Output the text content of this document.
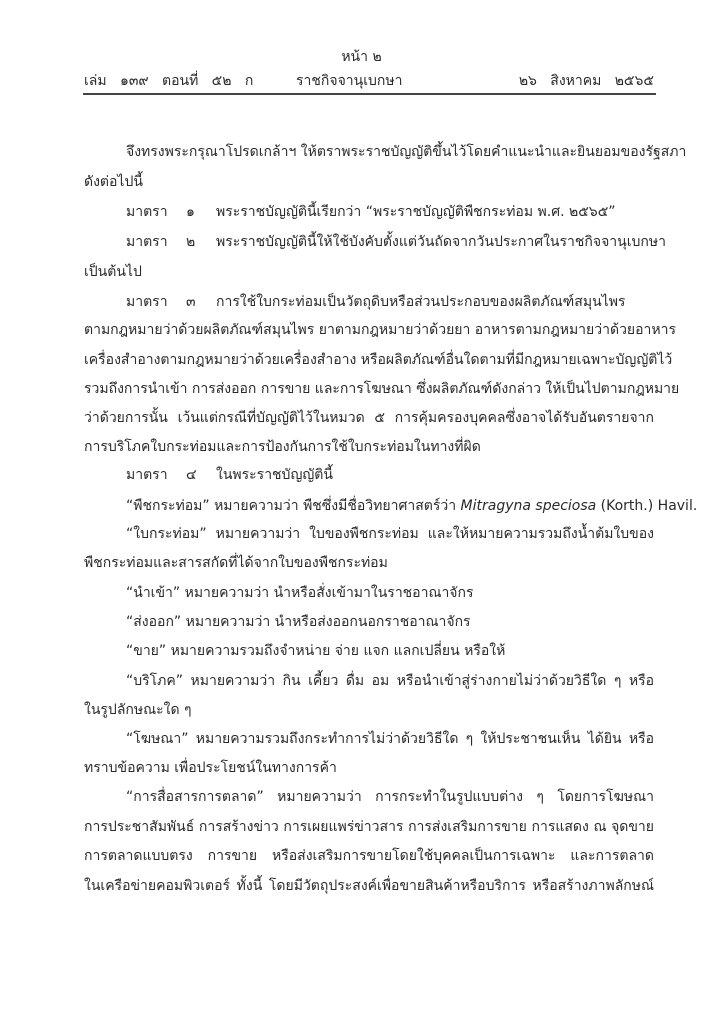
หน้า ๒
เล่ม   ๑๓๙   ตอนที่   ๕๒   ก	ราชกิจจานุเบกษา	๒๖   สิงหาคม   ๒๕๖๕
จึงทรงพระกรุณาโปรดเกล้าฯ ให้ตราพระราชบัญญัติขึ้นไว้โดยคำแนะนำและยินยอมของรัฐสภา
ดังต่อไปนี้
มาตรา ๑ พระราชบัญญัตินี้เรียกว่า “พระราชบัญญัติพืชกระท่อม พ.ศ. ๒๕๖๕”
มาตรา ๒ พระราชบัญญัตินี้ให้ใช้บังคับตั้งแต่วันถัดจากวันประกาศในราชกิจจานุเบกษา
เป็นต้นไป
มาตรา ๓ การใช้ใบกระท่อมเป็นวัตถุดิบหรือส่วนประกอบของผลิตภัณฑ์สมุนไพร
ตามกฎหมายว่าด้วยผลิตภัณฑ์สมุนไพร ยาตามกฎหมายว่าด้วยยา อาหารตามกฎหมายว่าด้วยอาหาร
เครื่องสำอางตามกฎหมายว่าด้วยเครื่องสำอาง หรือผลิตภัณฑ์อื่นใดตามที่มีกฎหมายเฉพาะบัญญัติไว้
รวมถึงการนำเข้า การส่งออก การขาย และการโฆษณา ซึ่งผลิตภัณฑ์ดังกล่าว ให้เป็นไปตามกฎหมาย
ว่าด้วยการนั้น เว้นแต่กรณีที่บัญญัติไว้ในหมวด ๕ การคุ้มครองบุคคลซึ่งอาจได้รับอันตรายจาก
การบริโภคใบกระท่อมและการป้องกันการใช้ใบกระท่อมในทางที่ผิด
มาตรา ๔ ในพระราชบัญญัตินี้
“พืชกระท่อม” หมายความว่า พืชซึ่งมีชื่อวิทยาศาสตร์ว่า Mitragyna speciosa (Korth.) Havil.
“ใบกระท่อม” หมายความว่า ใบของพืชกระท่อม และให้หมายความรวมถึงน้ำต้มใบของ
พืชกระท่อมและสารสกัดที่ได้จากใบของพืชกระท่อม
“นำเข้า” หมายความว่า นำหรือสั่งเข้ามาในราชอาณาจักร
“ส่งออก” หมายความว่า นำหรือส่งออกนอกราชอาณาจักร
“ขาย” หมายความรวมถึงจำหน่าย จ่าย แจก แลกเปลี่ยน หรือให้
“บริโภค” หมายความว่า กิน เคี้ยว ดื่ม อม หรือนำเข้าสู่ร่างกายไม่ว่าด้วยวิธีใด ๆ หรือ
ในรูปลักษณะใด ๆ
“โฆษณา” หมายความรวมถึงกระทำการไม่ว่าด้วยวิธีใด ๆ ให้ประชาชนเห็น ได้ยิน หรือ
ทราบข้อความ เพื่อประโยชน์ในทางการค้า
“การสื่อสารการตลาด” หมายความว่า การกระทำในรูปแบบต่าง ๆ โดยการโฆษณา
การประชาสัมพันธ์ การสร้างข่าว การเผยแพร่ข่าวสาร การส่งเสริมการขาย การแสดง ณ จุดขาย
การตลาดแบบตรง การขาย หรือส่งเสริมการขายโดยใช้บุคคลเป็นการเฉพาะ และการตลาด
ในเครือข่ายคอมพิวเตอร์ ทั้งนี้ โดยมีวัตถุประสงค์เพื่อขายสินค้าหรือบริการ หรือสร้างภาพลักษณ์
